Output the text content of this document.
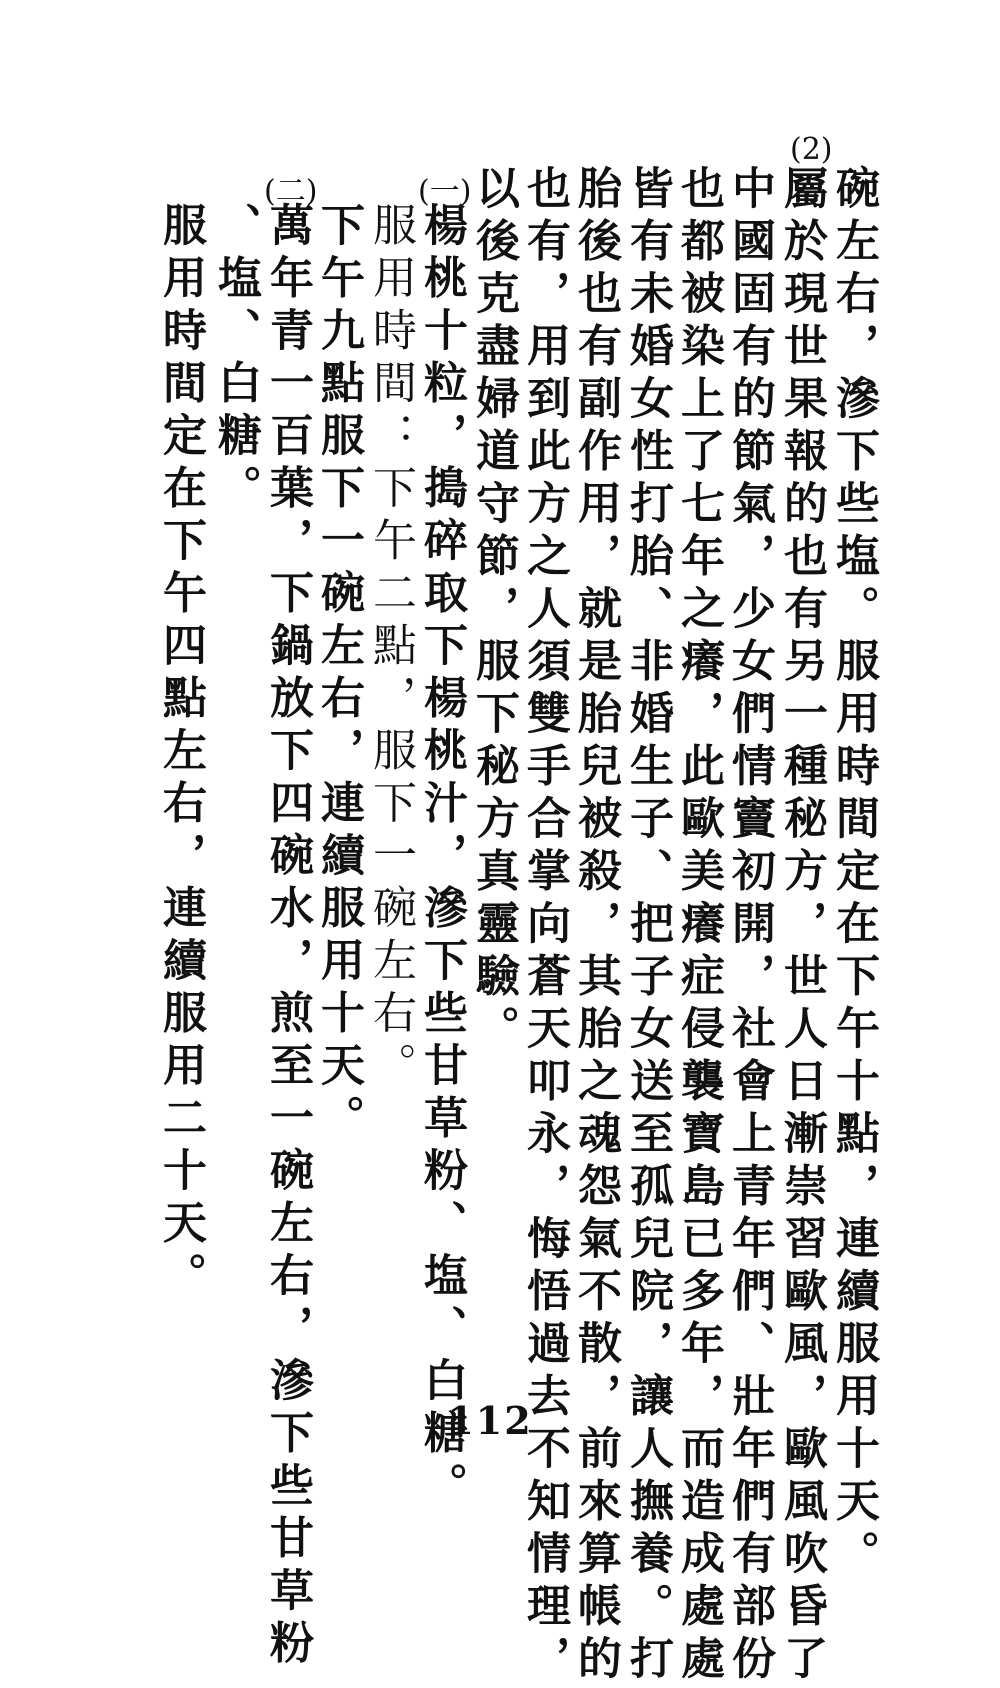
(2)
(一)
(二)	碗左右，滲下些塩。服用時間定在下午十點，連續服用十天。
屬於現世果報的也有另一種秘方，世人日漸崇習歐風，歐風吹昏了
中國固有的節氣，少女們情竇初開，社會上青年們、壯年們有部份
也都被染上了七年之癢，此歐美癢症侵襲寶島已多年，而造成處處
皆有未婚女性打胎、非婚生子、把子女送至孤兒院，讓人撫養。打
胎後也有副作用，就是胎兒被殺，其胎之魂怨氣不散，前來算帳的
也有，用到此方之人須雙手合掌向蒼天叩永，悔悟過去不知情理，
以後克盡婦道守節，服下秘方真靈驗。
楊桃十粒，搗碎取下楊桃汁，滲下些甘草粉、塩、白糖。
服用時間：下午二點，服下一碗左右。
下午九點服下一碗左右，連續服用十天。
萬年青一百葉，下鍋放下四碗水，煎至一碗左右，滲下些甘草粉
、塩、白糖。
服用時間定在下午四點左右，連續服用二十天。
112
